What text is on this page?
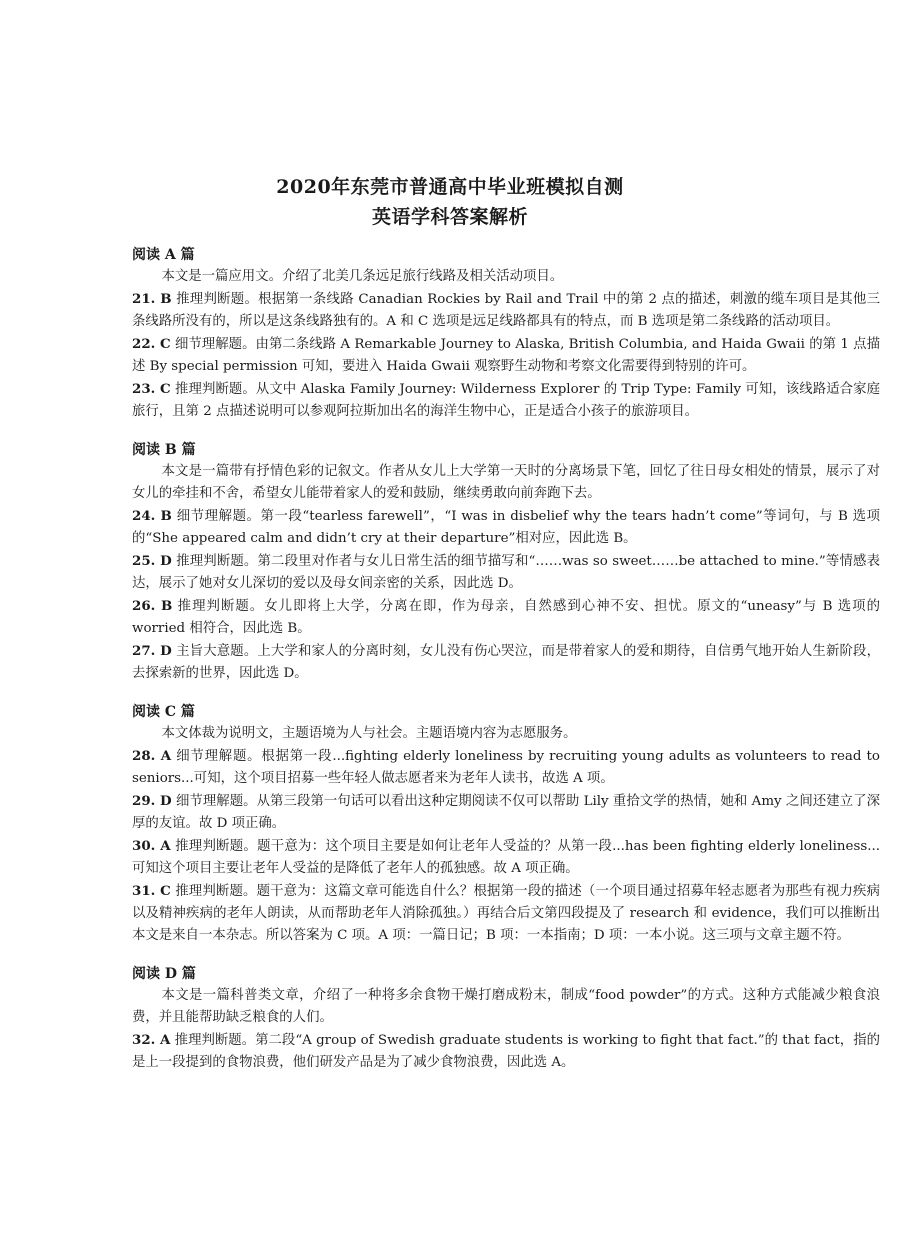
2020年东莞市普通高中毕业班模拟自测
英语学科答案解析
阅读 A 篇
本文是一篇应用文。介绍了北美几条远足旅行线路及相关活动项目。
21. B 推理判断题。根据第一条线路 Canadian Rockies by Rail and Trail 中的第 2 点的描述，刺激的缆车项目是其他三条线路所没有的，所以是这条线路独有的。A 和 C 选项是远足线路都具有的特点，而 B 选项是第二条线路的活动项目。
22. C 细节理解题。由第二条线路 A Remarkable Journey to Alaska, British Columbia, and Haida Gwaii 的第 1 点描述 By special permission 可知，要进入 Haida Gwaii 观察野生动物和考察文化需要得到特别的许可。
23. C 推理判断题。从文中 Alaska Family Journey: Wilderness Explorer 的 Trip Type: Family 可知，该线路适合家庭旅行，且第 2 点描述说明可以参观阿拉斯加出名的海洋生物中心，正是适合小孩子的旅游项目。
阅读 B 篇
本文是一篇带有抒情色彩的记叙文。作者从女儿上大学第一天时的分离场景下笔，回忆了往日母女相处的情景，展示了对女儿的牵挂和不舍，希望女儿能带着家人的爱和鼓励，继续勇敢向前奔跑下去。
24. B 细节理解题。第一段“tearless farewell”，“I was in disbelief why the tears hadn’t come”等词句，与 B 选项的“She appeared calm and didn’t cry at their departure”相对应，因此选 B。
25. D 推理判断题。第二段里对作者与女儿日常生活的细节描写和“……was so sweet……be attached to mine.”等情感表达，展示了她对女儿深切的爱以及母女间亲密的关系，因此选 D。
26. B 推理判断题。女儿即将上大学，分离在即，作为母亲，自然感到心神不安、担忧。原文的“uneasy”与 B 选项的 worried 相符合，因此选 B。
27. D 主旨大意题。上大学和家人的分离时刻，女儿没有伤心哭泣，而是带着家人的爱和期待，自信勇气地开始人生新阶段，去探索新的世界，因此选 D。
阅读 C 篇
本文体裁为说明文，主题语境为人与社会。主题语境内容为志愿服务。
28. A 细节理解题。根据第一段...fighting elderly loneliness by recruiting young adults as volunteers to read to seniors...可知，这个项目招募一些年轻人做志愿者来为老年人读书，故选 A 项。
29. D 细节理解题。从第三段第一句话可以看出这种定期阅读不仅可以帮助 Lily 重拾文学的热情，她和 Amy 之间还建立了深厚的友谊。故 D 项正确。
30. A 推理判断题。题干意为：这个项目主要是如何让老年人受益的？从第一段...has been fighting elderly loneliness...可知这个项目主要让老年人受益的是降低了老年人的孤独感。故 A 项正确。
31. C 推理判断题。题干意为：这篇文章可能选自什么？根据第一段的描述（一个项目通过招募年轻志愿者为那些有视力疾病以及精神疾病的老年人朗读，从而帮助老年人消除孤独。）再结合后文第四段提及了 research 和 evidence，我们可以推断出本文是来自一本杂志。所以答案为 C 项。A 项：一篇日记；B 项：一本指南；D 项：一本小说。这三项与文章主题不符。
阅读 D 篇
本文是一篇科普类文章，介绍了一种将多余食物干燥打磨成粉末，制成“food powder”的方式。这种方式能减少粮食浪费，并且能帮助缺乏粮食的人们。
32. A 推理判断题。第二段“A group of Swedish graduate students is working to fight that fact.”的 that fact，指的是上一段提到的食物浪费，他们研发产品是为了减少食物浪费，因此选 A。
